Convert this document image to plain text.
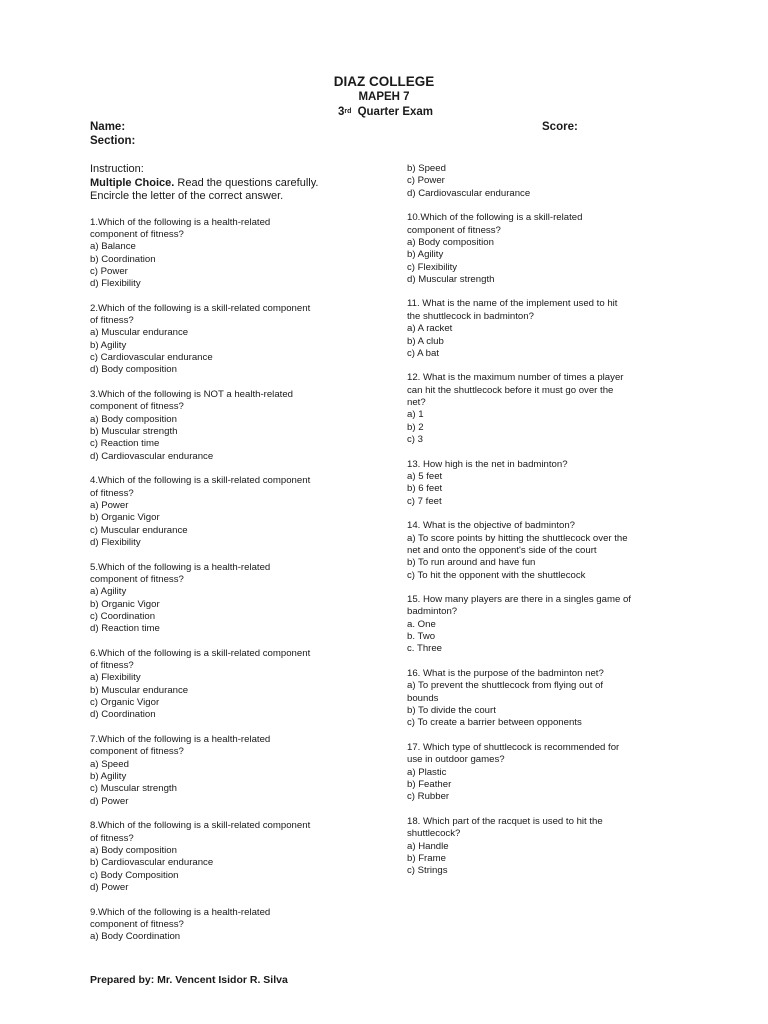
DIAZ COLLEGE
MAPEH 7
3rd Quarter Exam
Name:
Section:
Score:
Instruction:
Multiple Choice. Read the questions carefully.
Encircle the letter of the correct answer.

1.Which of the following is a health-related

component of fitness?

a) Balance

b) Coordination

c) Power

d) Flexibility

2.Which of the following is a skill-related component

of fitness?

a) Muscular endurance

b) Agility

c) Cardiovascular endurance

d) Body composition

3.Which of the following is NOT a health-related

component of fitness?

a) Body composition

b) Muscular strength

c) Reaction time

d) Cardiovascular endurance

4.Which of the following is a skill-related component

of fitness?

a) Power

b) Organic Vigor

c) Muscular endurance

d) Flexibility

5.Which of the following is a health-related

component of fitness?

a) Agility

b) Organic Vigor

c) Coordination

d) Reaction time

6.Which of the following is a skill-related component

of fitness?

a) Flexibility

b) Muscular endurance

c) Organic Vigor

d) Coordination

7.Which of the following is a health-related

component of fitness?

a) Speed

b) Agility

c) Muscular strength

d) Power

8.Which of the following is a skill-related component

of fitness?

a) Body composition

b) Cardiovascular endurance

c) Body Composition

d) Power

9.Which of the following is a health-related

component of fitness?

a) Body Coordination

b) Speed

c) Power

d) Cardiovascular endurance

10.Which of the following is a skill-related

component of fitness?

a) Body composition

b) Agility

c) Flexibility

d) Muscular strength

11. What is the name of the implement used to hit

the shuttlecock in badminton?

a) A racket

b) A club

c) A bat

12. What is the maximum number of times a player

can hit the shuttlecock before it must go over the

net?

a) 1

b) 2

c) 3

13. How high is the net in badminton?

a) 5 feet

b) 6 feet

c) 7 feet

14. What is the objective of badminton?

a) To score points by hitting the shuttlecock over the

net and onto the opponent's side of the court

b) To run around and have fun

c) To hit the opponent with the shuttlecock

15. How many players are there in a singles game of

badminton?

a. One

b. Two

c. Three

16. What is the purpose of the badminton net?

a) To prevent the shuttlecock from flying out of

bounds

b) To divide the court

c) To create a barrier between opponents

17. Which type of shuttlecock is recommended for

use in outdoor games?

a) Plastic

b) Feather

c) Rubber

18. Which part of the racquet is used to hit the

shuttlecock?

a) Handle

b) Frame

c) Strings

Prepared by: Mr. Vencent Isidor R. Silva
